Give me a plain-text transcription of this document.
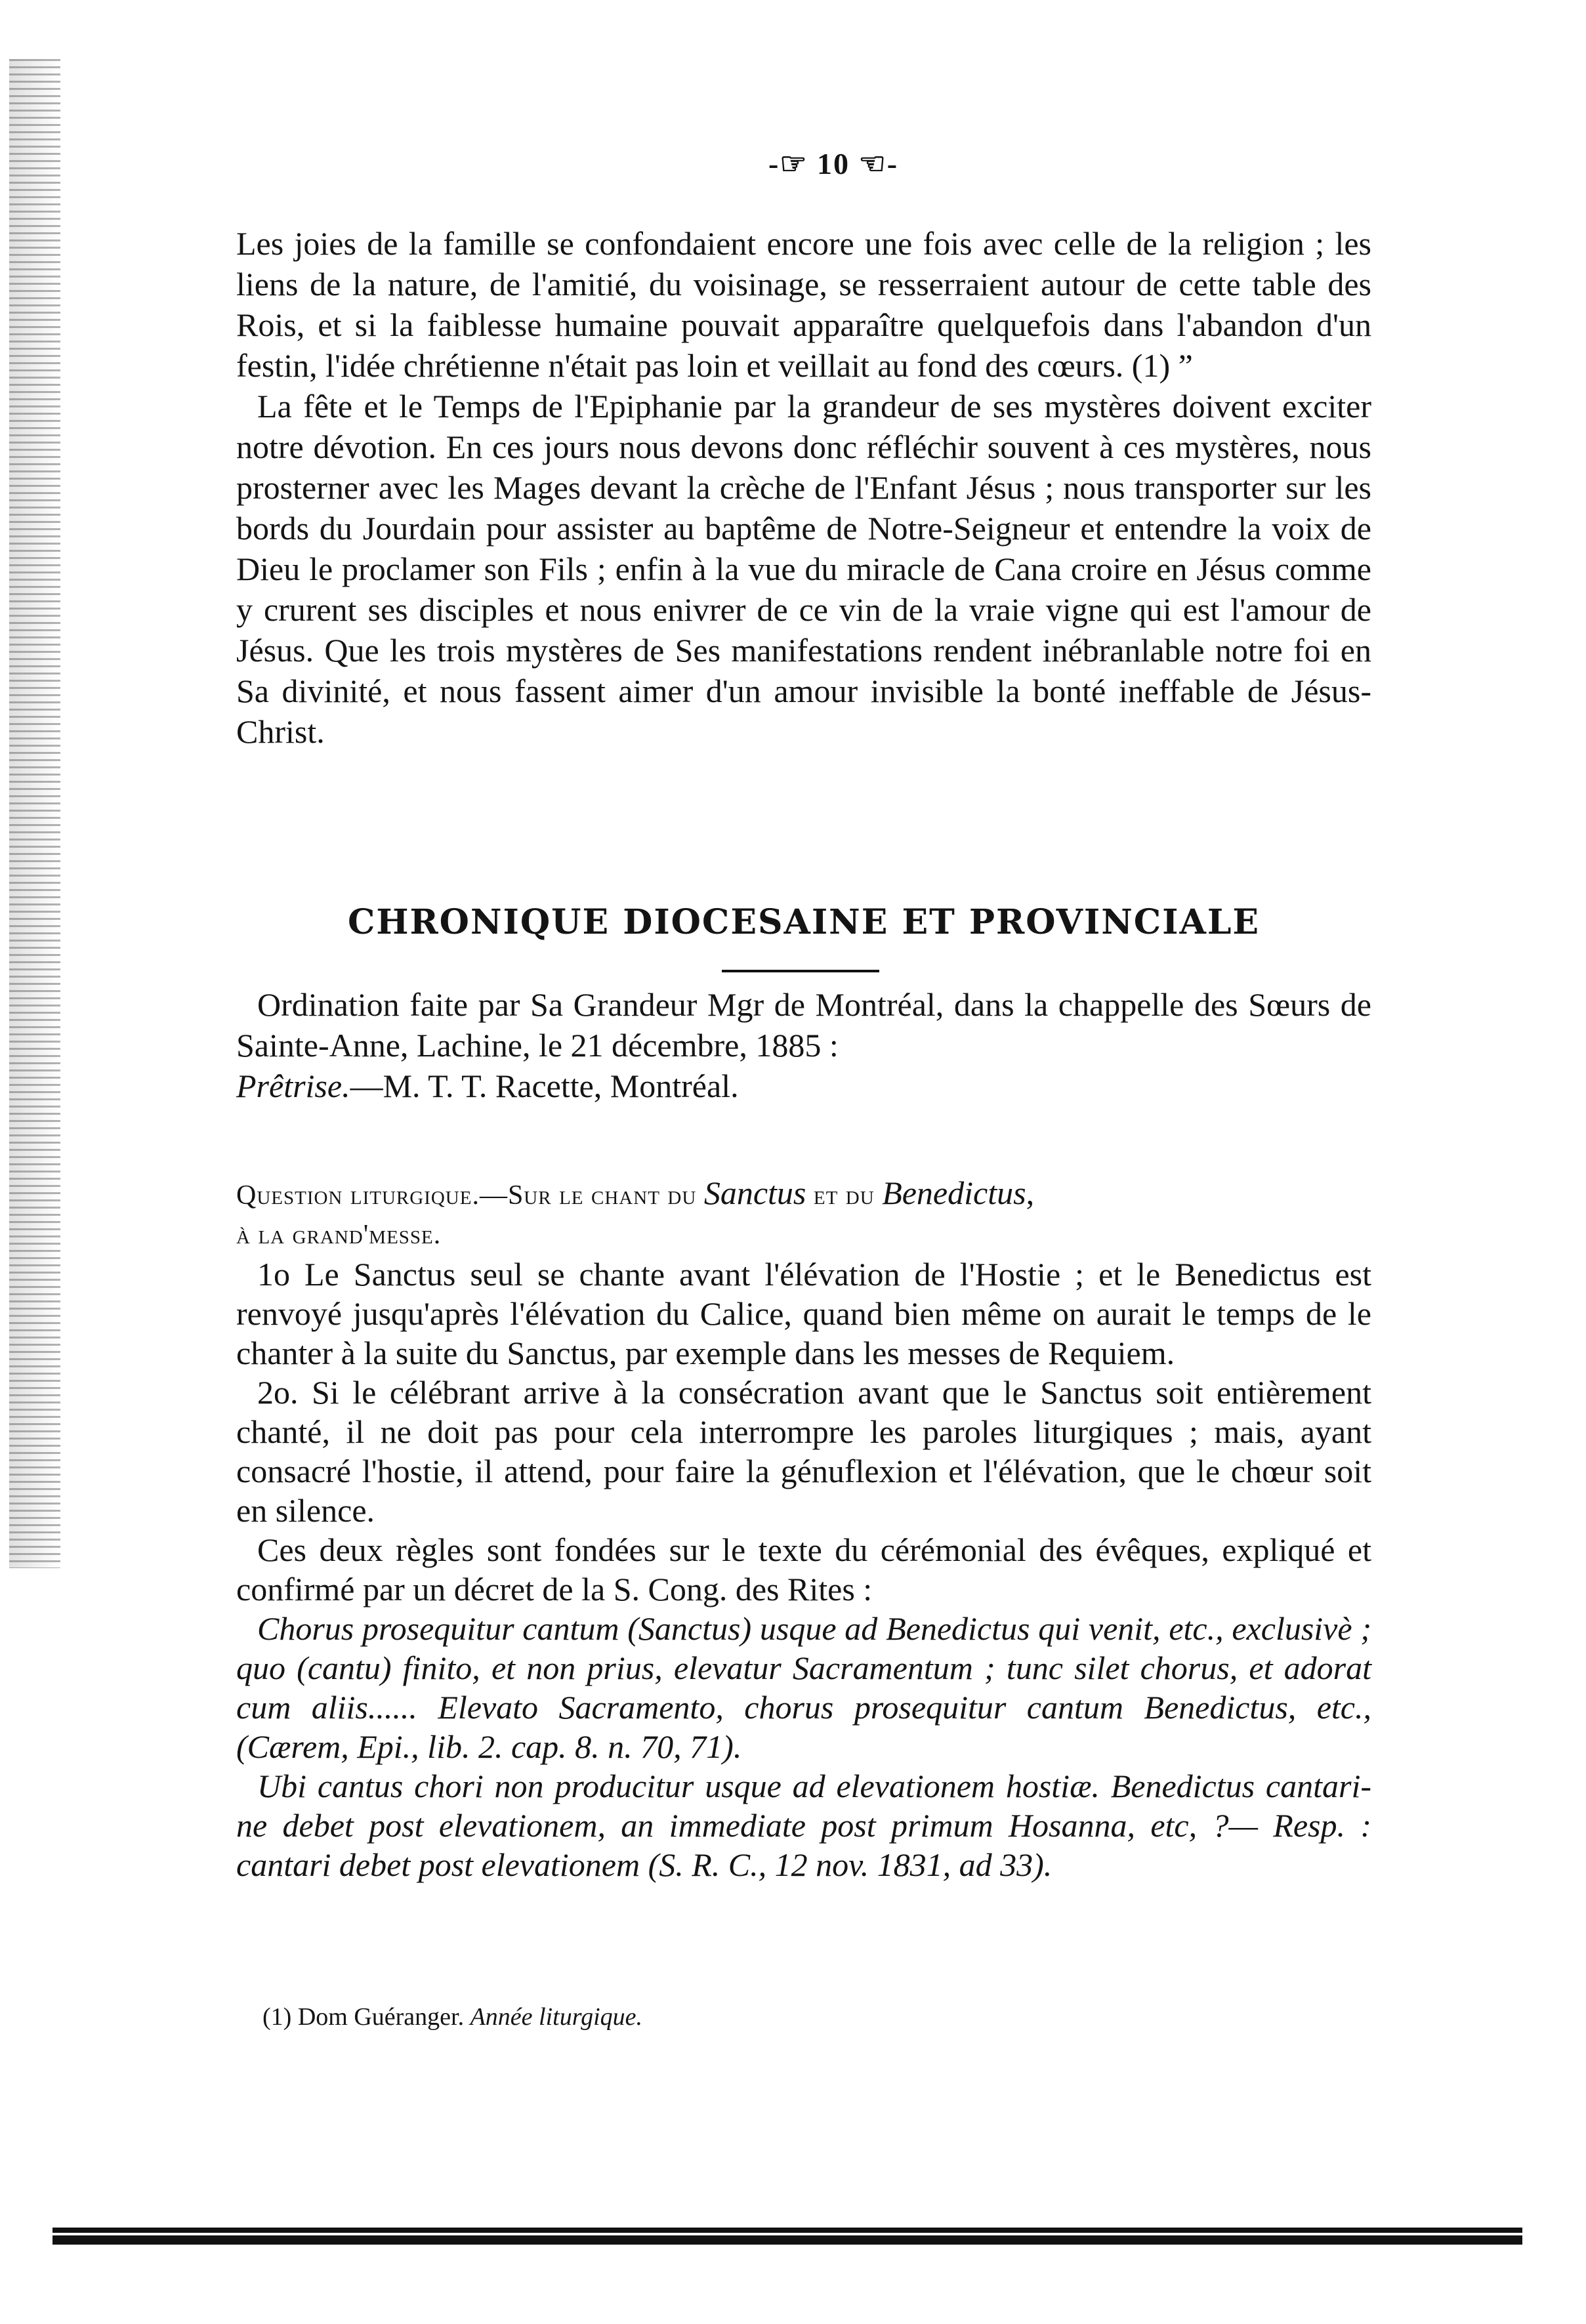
-☞ 10 ☜-

Les joies de la famille se confondaient encore une fois avec celle de la religion ; les liens de la nature, de l'amitié, du voisinage, se resserraient autour de cette table des Rois, et si la faiblesse humaine pouvait apparaître quelquefois dans l'abandon d'un festin, l'idée chrétienne n'était pas loin et veillait au fond des cœurs. (1) ”

La fête et le Temps de l'Epiphanie par la grandeur de ses mystères doivent exciter notre dévotion. En ces jours nous devons donc réfléchir souvent à ces mystères, nous prosterner avec les Mages devant la crèche de l'Enfant Jésus ; nous transporter sur les bords du Jourdain pour assister au baptême de Notre-Seigneur et entendre la voix de Dieu le proclamer son Fils ; enfin à la vue du miracle de Cana croire en Jésus comme y crurent ses disciples et nous enivrer de ce vin de la vraie vigne qui est l'amour de Jésus. Que les trois mystères de Ses manifestations rendent inébranlable notre foi en Sa divinité, et nous fassent aimer d'un amour invisible la bonté ineffable de Jésus-Christ.

CHRONIQUE DIOCESAINE ET PROVINCIALE

Ordination faite par Sa Grandeur Mgr de Montréal, dans la chappelle des Sœurs de Sainte-Anne, Lachine, le 21 décembre, 1885 :

Prêtrise.—M. T. T. Racette, Montréal.

Question liturgique.—Sur le chant du Sanctus et du Benedictus,

à la grand'messe.

1o Le Sanctus seul se chante avant l'élévation de l'Hostie ; et le Benedictus est renvoyé jusqu'après l'élévation du Calice, quand bien même on aurait le temps de le chanter à la suite du Sanctus, par exemple dans les messes de Requiem.

2o. Si le célébrant arrive à la consécration avant que le Sanctus soit entièrement chanté, il ne doit pas pour cela interrompre les paroles liturgiques ; mais, ayant consacré l'hostie, il attend, pour faire la génuflexion et l'élévation, que le chœur soit en silence.

Ces deux règles sont fondées sur le texte du cérémonial des évêques, expliqué et confirmé par un décret de la S. Cong. des Rites :

Chorus prosequitur cantum (Sanctus) usque ad Benedictus qui venit, etc., exclusivè ; quo (cantu) finito, et non prius, elevatur Sacramentum ; tunc silet chorus, et adorat cum aliis...... Elevato Sacramento, chorus prosequitur cantum Benedictus, etc., (Cærem, Epi., lib. 2. cap. 8. n. 70, 71).

Ubi cantus chori non producitur usque ad elevationem hostiæ. Benedictus cantari-ne debet post elevationem, an immediate post primum Hosanna, etc, ?— Resp. : cantari debet post elevationem (S. R. C., 12 nov. 1831, ad 33).

(1) Dom Guéranger. Année liturgique.
